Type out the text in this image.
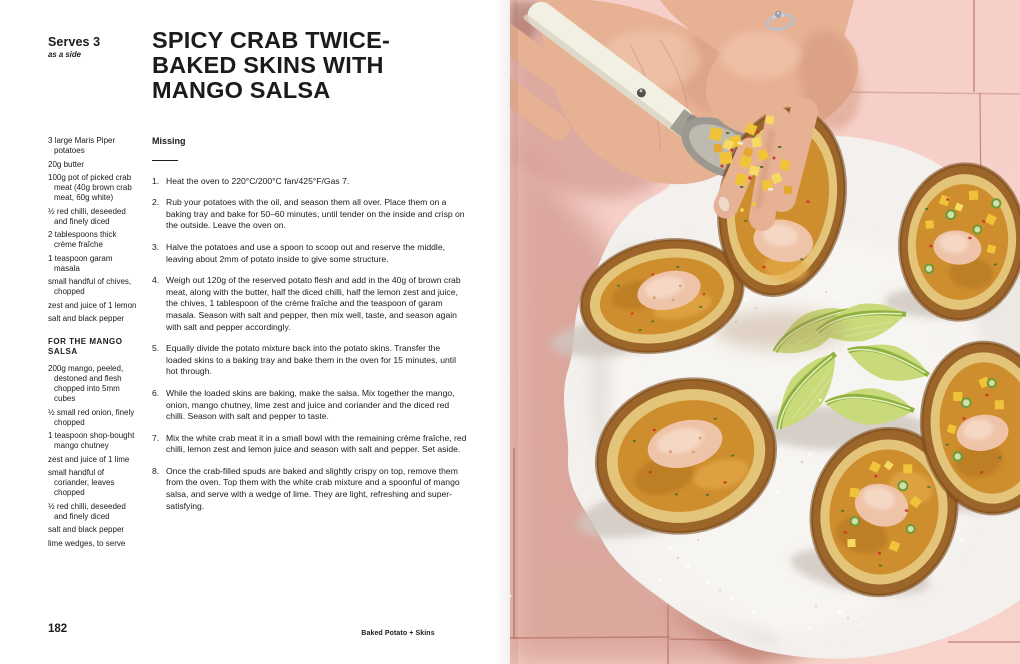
Serves 3
as a side
SPICY CRAB TWICE-
BAKED SKINS WITH
MANGO SALSA

3 large Maris Piper potatoes

20g butter

100g pot of picked crab meat (40g brown crab meat, 60g white)

½ red chilli, deseeded and finely diced

2 tablespoons thick crème fraîche

1 teaspoon garam masala

small handful of chives, chopped

zest and juice of 1 lemon

salt and black pepper

FOR THE MANGO SALSA

200g mango, peeled, destoned and flesh chopped into 5mm cubes

½ small red onion, finely chopped

1 teaspoon shop-bought mango chutney

zest and juice of 1 lime

small handful of coriander, leaves chopped

½ red chilli, deseeded and finely diced

salt and black pepper

lime wedges, to serve

Missing
1. Heat the oven to 220°C/200°C fan/425°F/Gas 7.
2. Rub your potatoes with the oil, and season them all over. Place them on a baking tray and bake for 50–60 minutes, until tender on the inside and crisp on the outside. Leave the oven on.
3. Halve the potatoes and use a spoon to scoop out and reserve the middle, leaving about 2mm of potato inside to give some structure.
4. Weigh out 120g of the reserved potato flesh and add in the 40g of brown crab meat, along with the butter, half the diced chilli, half the lemon zest and juice, the chives, 1 tablespoon of the crème fraîche and the teaspoon of garam masala. Season with salt and pepper, then mix well, taste, and season again with salt and pepper accordingly.
5. Equally divide the potato mixture back into the potato skins. Transfer the loaded skins to a baking tray and bake them in the oven for 15 minutes, until hot through.
6. While the loaded skins are baking, make the salsa. Mix together the mango, onion, mango chutney, lime zest and juice and coriander and the diced red chilli. Season with salt and pepper to taste.
7. Mix the white crab meat it in a small bowl with the remaining crème fraîche, red chilli, lemon zest and lemon juice and season with salt and pepper. Set aside.
8. Once the crab-filled spuds are baked and slightly crispy on top, remove them from the oven. Top them with the white crab mixture and a spoonful of mango salsa, and serve with a wedge of lime. They are light, refreshing and super-satisfying.
182	Baked Potato + Skins
